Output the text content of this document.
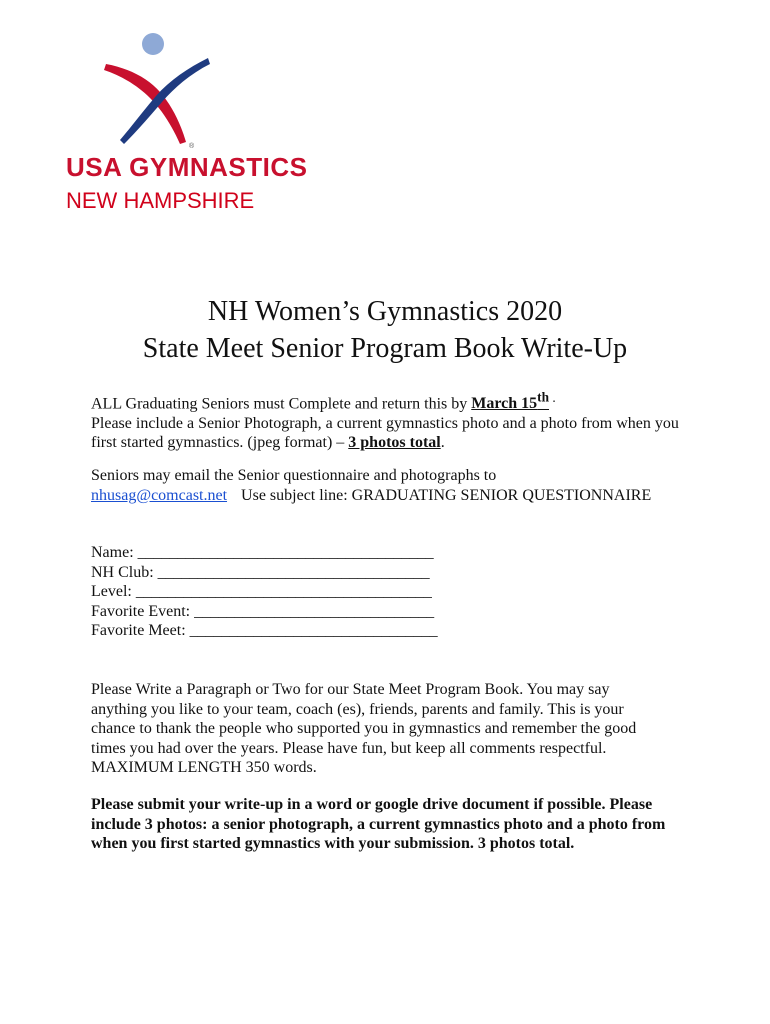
®
USA GYMNASTICS
NEW HAMPSHIRE
NH Women’s Gymnastics 2020
State Meet Senior Program Book Write-Up
ALL Graduating Seniors must Complete and return this by March 15th .
Please include a Senior Photograph, a current gymnastics photo and a photo from when you first started gymnastics. (jpeg format) – 3 photos total.
Seniors may email the Senior questionnaire and photographs to
nhusag@comcast.net Use subject line: GRADUATING SENIOR QUESTIONNAIRE
Name: _____________________________________
NH Club: __________________________________
Level: _____________________________________
Favorite Event: ______________________________
Favorite Meet: _______________________________
Please Write a Paragraph or Two for our State Meet Program Book. You may say anything you like to your team, coach (es), friends, parents and family. This is your chance to thank the people who supported you in gymnastics and remember the good times you had over the years. Please have fun, but keep all comments respectful. MAXIMUM LENGTH 350 words.
Please submit your write-up in a word or google drive document if possible. Please include 3 photos: a senior photograph, a current gymnastics photo and a photo from when you first started gymnastics with your submission. 3 photos total.
